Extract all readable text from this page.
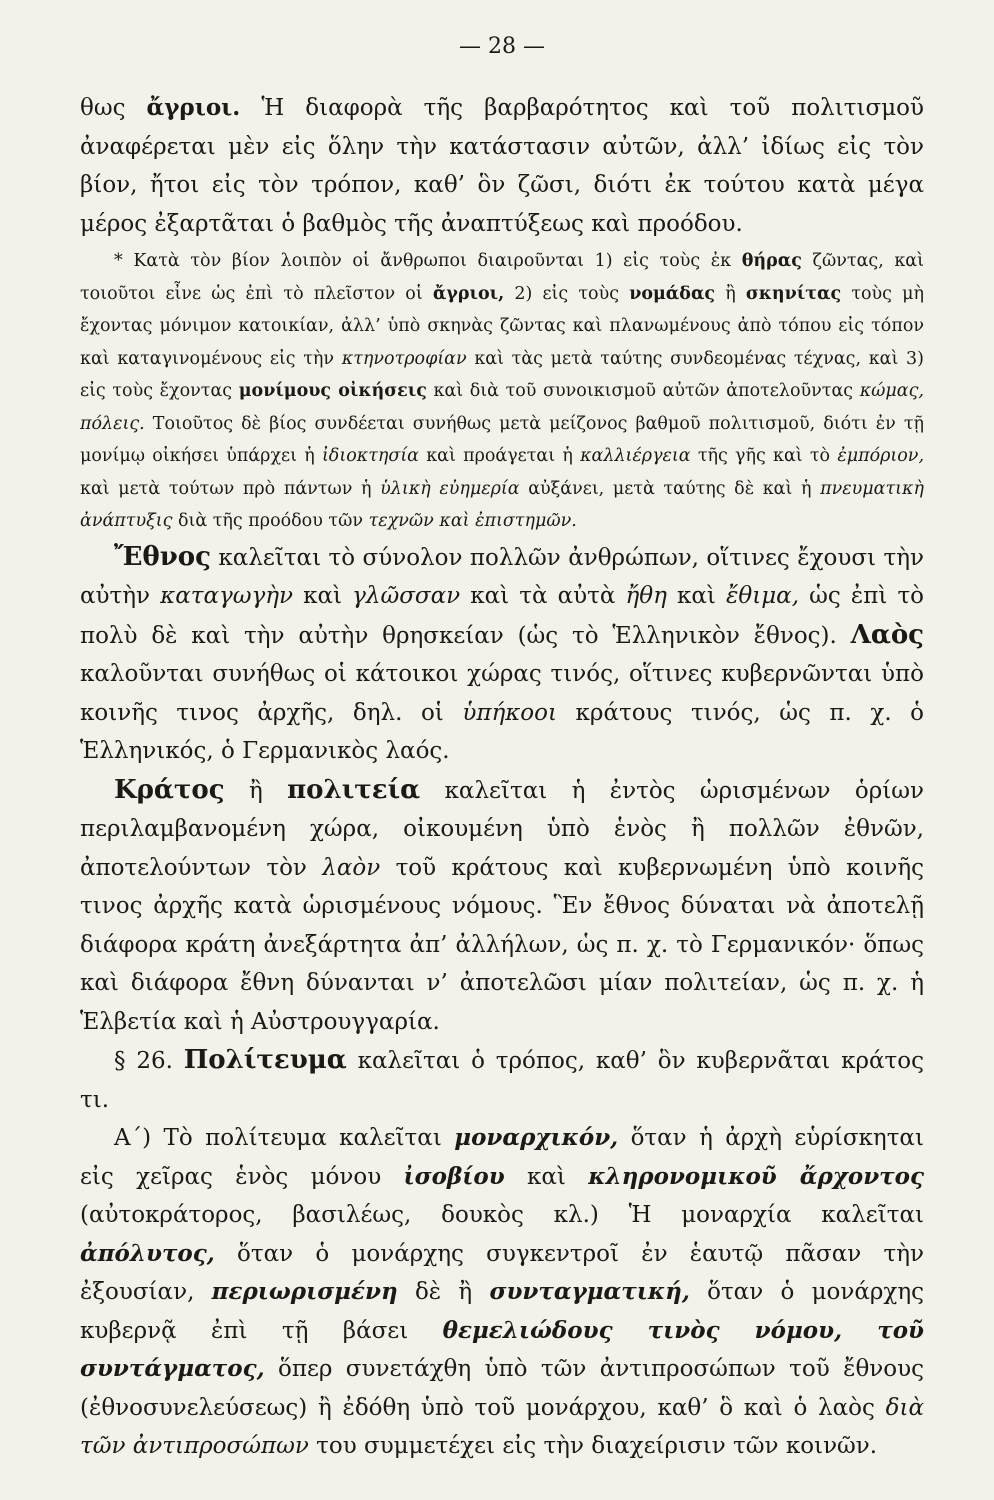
— 28 —

θως ἄγριοι. Ἡ διαφορὰ τῆς βαρβαρότητος καὶ τοῦ πολιτισμοῦ ἀναφέρεται μὲν εἰς ὅλην τὴν κατάστασιν αὐτῶν, ἀλλ’ ἰδίως εἰς τὸν βίον, ἤτοι εἰς τὸν τρόπον, καθ’ ὃν ζῶσι, διότι ἐκ τούτου κατὰ μέγα μέρος ἐξαρτᾶται ὁ βαθμὸς τῆς ἀναπτύξεως καὶ προόδου.

* Κατὰ τὸν βίον λοιπὸν οἱ ἄνθρωποι διαιροῦνται 1) εἰς τοὺς ἐκ θήρας ζῶντας, καὶ τοιοῦτοι εἶνε ὡς ἐπὶ τὸ πλεῖστον οἱ ἄγριοι, 2) εἰς τοὺς νομάδας ἢ σκηνίτας τοὺς μὴ ἔχοντας μόνιμον κατοικίαν, ἀλλ’ ὑπὸ σκηνὰς ζῶντας καὶ πλανωμένους ἀπὸ τόπου εἰς τόπον καὶ καταγινομένους εἰς τὴν κτηνοτροφίαν καὶ τὰς μετὰ ταύτης συνδεομένας τέχνας, καὶ 3) εἰς τοὺς ἔχοντας μονίμους οἰκήσεις καὶ διὰ τοῦ συνοικισμοῦ αὐτῶν ἀποτελοῦντας κώμας, πόλεις. Τοιοῦτος δὲ βίος συνδέεται συνήθως μετὰ μείζονος βαθμοῦ πολιτισμοῦ, διότι ἐν τῇ μονίμῳ οἰκήσει ὑπάρχει ἡ ἰδιοκτησία καὶ προάγεται ἡ καλλιέργεια τῆς γῆς καὶ τὸ ἐμπόριον, καὶ μετὰ τούτων πρὸ πάντων ἡ ὑλικὴ εὐημερία αὐξάνει, μετὰ ταύτης δὲ καὶ ἡ πνευματικὴ ἀνάπτυξις διὰ τῆς προόδου τῶν τεχνῶν καὶ ἐπιστημῶν.

Ἔθνος καλεῖται τὸ σύνολον πολλῶν ἀνθρώπων, οἵτινες ἔχουσι τὴν αὐτὴν καταγωγὴν καὶ γλῶσσαν καὶ τὰ αὐτὰ ἤθη καὶ ἔθιμα, ὡς ἐπὶ τὸ πολὺ δὲ καὶ τὴν αὐτὴν θρησκείαν (ὡς τὸ Ἑλληνικὸν ἔθνος). Λαὸς καλοῦνται συνήθως οἱ κάτοικοι χώρας τινός, οἵτινες κυβερνῶνται ὑπὸ κοινῆς τινος ἀρχῆς, δηλ. οἱ ὑπήκοοι κράτους τινός, ὡς π. χ. ὁ Ἑλληνικός, ὁ Γερμανικὸς λαός.

Κράτος ἢ πολιτεία καλεῖται ἡ ἐντὸς ὡρισμένων ὁρίων περιλαμβανομένη χώρα, οἰκουμένη ὑπὸ ἑνὸς ἢ πολλῶν ἐθνῶν, ἀποτελούντων τὸν λαὸν τοῦ κράτους καὶ κυβερνωμένη ὑπὸ κοινῆς τινος ἀρχῆς κατὰ ὡρισμένους νόμους. Ἓν ἔθνος δύναται νὰ ἀποτελῇ διάφορα κράτη ἀνεξάρτητα ἀπ’ ἀλλήλων, ὡς π. χ. τὸ Γερμανικόν· ὅπως καὶ διάφορα ἔθνη δύνανται ν’ ἀποτελῶσι μίαν πολιτείαν, ὡς π. χ. ἡ Ἑλβετία καὶ ἡ Αὐστρουγγαρία.

§ 26. Πολίτευμα καλεῖται ὁ τρόπος, καθ’ ὃν κυβερνᾶται κράτος τι.

Α΄) Τὸ πολίτευμα καλεῖται μοναρχικόν, ὅταν ἡ ἀρχὴ εὑρίσκηται εἰς χεῖρας ἑνὸς μόνου ἰσοβίου καὶ κληρονομικοῦ ἄρχοντος (αὐτοκράτορος, βασιλέως, δουκὸς κλ.) Ἡ μοναρχία καλεῖται ἀπόλυτος, ὅταν ὁ μονάρχης συγκεντροῖ ἐν ἑαυτῷ πᾶσαν τὴν ἐξουσίαν, περιωρισμένη δὲ ἢ συνταγματική, ὅταν ὁ μονάρχης κυβερνᾷ ἐπὶ τῇ βάσει θεμελιώδους τινὸς νόμου, τοῦ συντάγματος, ὅπερ συνετάχθη ὑπὸ τῶν ἀντιπροσώπων τοῦ ἔθνους (ἐθνοσυνελεύσεως) ἢ ἐδόθη ὑπὸ τοῦ μονάρχου, καθ’ ὃ καὶ ὁ λαὸς διὰ τῶν ἀντιπροσώπων του συμμετέχει εἰς τὴν διαχείρισιν τῶν κοινῶν.
